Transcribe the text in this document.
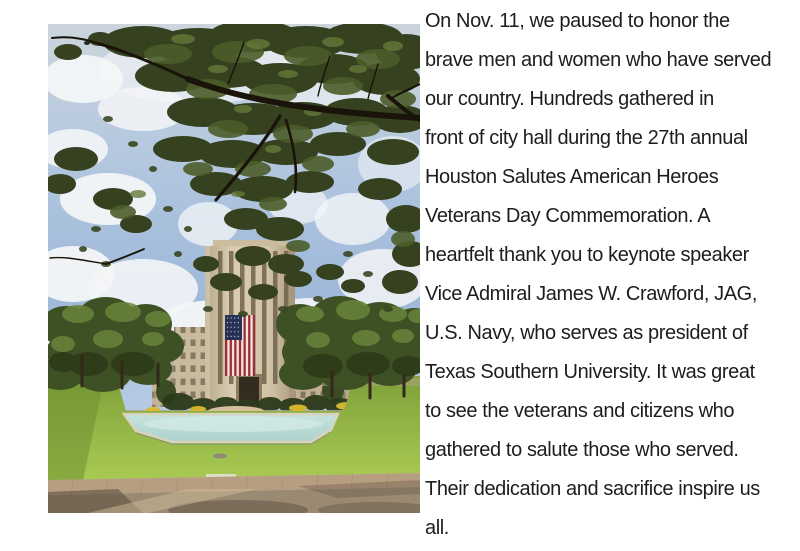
On Nov. 11, we paused to honor the
brave men and women who have served
our country. Hundreds gathered in
front of city hall during the 27th annual
Houston Salutes American Heroes
Veterans Day Commemoration. A
heartfelt thank you to keynote speaker
Vice Admiral James W. Crawford, JAG,
U.S. Navy, who serves as president of
Texas Southern University. It was great
to see the veterans and citizens who
gathered to salute those who served.
Their dedication and sacrifice inspire us
all.
